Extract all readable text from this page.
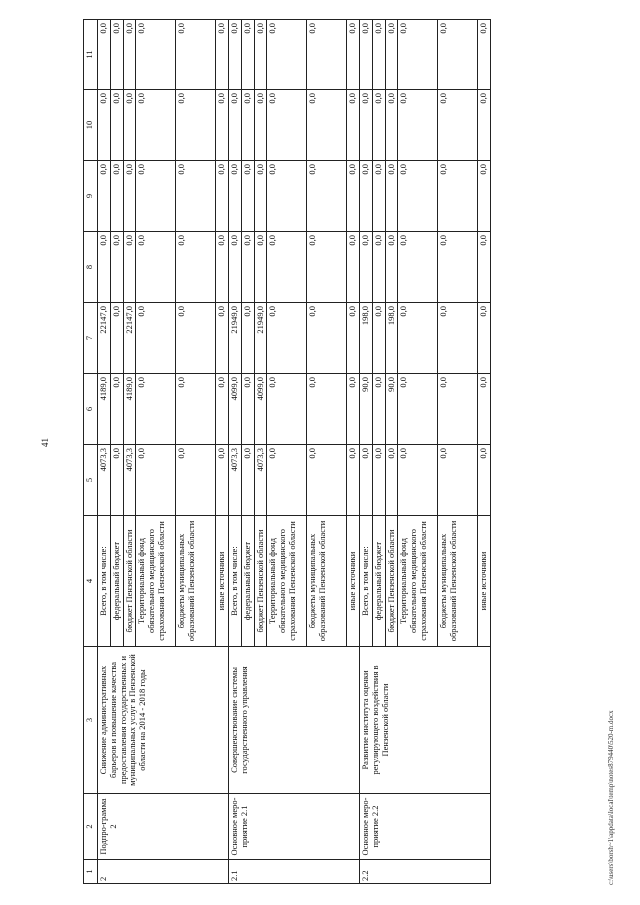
41
1	2	3	4	5	6	7	8	9	10	11
2	Подпро-грамма 2	Снижение административных барьеров и повышение качества предоставления государственных и муниципальных услуг в Пензенской области на 2014 - 2018 годы	Всего, в том числе:	4073,3	4189,0	22147,0	0,0	0,0	0,0	0,0
			федеральный бюджет	0,0	0,0	0,0	0,0	0,0	0,0	0,0
			бюджет Пензенской области	4073,3	4189,0	22147,0	0,0	0,0	0,0	0,0
			Территориальный фонд обязательного медицинского страхования Пензенской области	0,0	0,0	0,0	0,0	0,0	0,0	0,0
			бюджеты муниципальных образований Пензенской области	0,0	0,0	0,0	0,0	0,0	0,0	0,0
			иные источники	0,0	0,0	0,0	0,0	0,0	0,0	0,0
2.1	Основное меро-приятие 2.1	Совершенствование системы государственного управления	Всего, в том числе:	4073,3	4099,0	21949,0	0,0	0,0	0,0	0,0
			федеральный бюджет	0,0	0,0	0,0	0,0	0,0	0,0	0,0
			бюджет Пензенской области	4073,3	4099,0	21949,0	0,0	0,0	0,0	0,0
			Территориальный фонд обязательного медицинского страхования Пензенской области	0,0	0,0	0,0	0,0	0,0	0,0	0,0
			бюджеты муниципальных образований Пензенской области	0,0	0,0	0,0	0,0	0,0	0,0	0,0
			иные источники	0,0	0,0	0,0	0,0	0,0	0,0	0,0
2.2	Основное меро-приятие 2.2	Развитие института оценки регулирующего воздействия в Пензенской области	Всего, в том числе:	0,0	90,0	198,0	0,0	0,0	0,0	0,0
			федеральный бюджет	0,0	0,0	0,0	0,0	0,0	0,0	0,0
			бюджет Пензенской области	0,0	90,0	198,0	0,0	0,0	0,0	0,0
			Территориальный фонд обязательного медицинского страхования Пензенской области	0,0	0,0	0,0	0,0	0,0	0,0	0,0
			бюджеты муниципальных образований Пензенской области	0,0	0,0	0,0	0,0	0,0	0,0	0,0
			иные источники	0,0	0,0	0,0	0,0	0,0	0,0	0,0
c:\users\borsh~1\appdata\local\temp\notes879440\520-m.docx
